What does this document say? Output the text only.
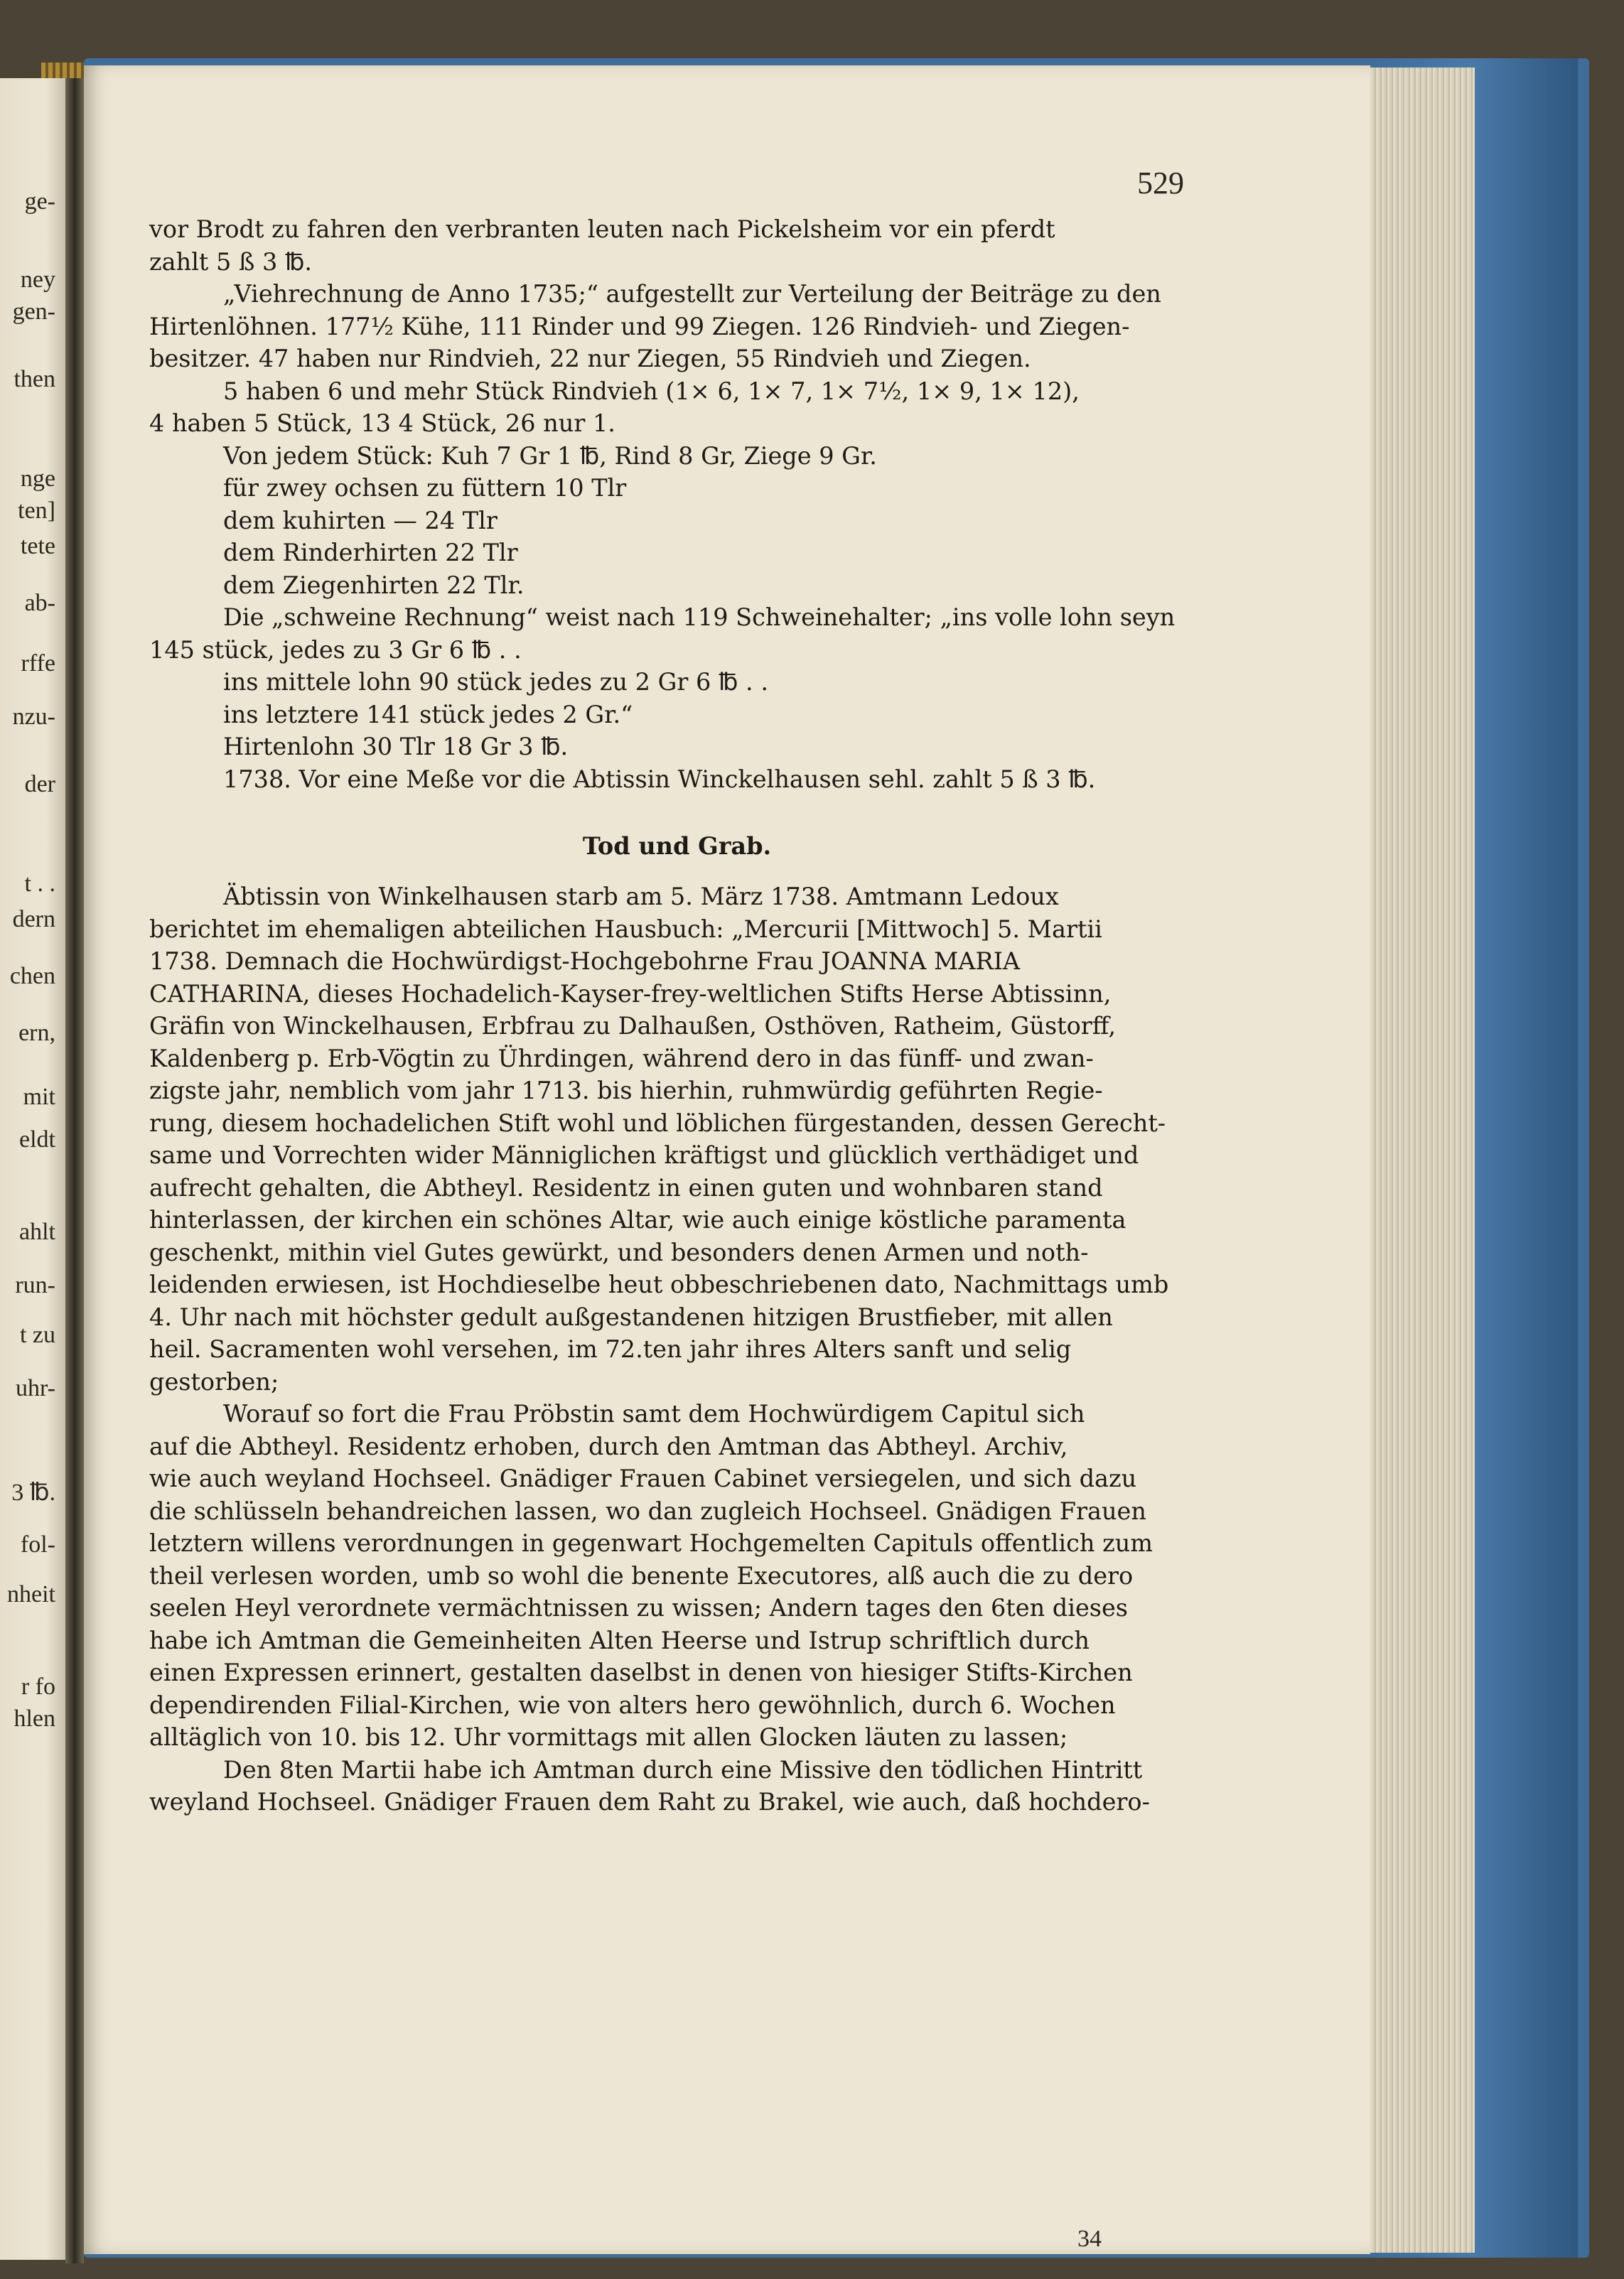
ge-
ney
gen-
then
nge
ten]
tete
ab-
rffe
nzu-
der
t . .
dern
chen
ern,
mit
eldt
ahlt
run-
t zu
uhr-
3 ℔.
fol-
nheit
r fo
hlen
529
vor Brodt zu fahren den verbranten leuten nach Pickelsheim vor ein pferdt
zahlt 5 ß 3 ℔.
„Viehrechnung de Anno 1735;“ aufgestellt zur Verteilung der Beiträge zu den
Hirtenlöhnen. 177½ Kühe, 111 Rinder und 99 Ziegen. 126 Rindvieh- und Ziegen-
besitzer. 47 haben nur Rindvieh, 22 nur Ziegen, 55 Rindvieh und Ziegen.
5 haben 6 und mehr Stück Rindvieh (1× 6, 1× 7, 1× 7½, 1× 9, 1× 12),
4 haben 5 Stück, 13 4 Stück, 26 nur 1.
Von jedem Stück: Kuh 7 Gr 1 ℔, Rind 8 Gr, Ziege 9 Gr.
für zwey ochsen zu füttern 10 Tlr
dem kuhirten — 24 Tlr
dem Rinderhirten 22 Tlr
dem Ziegenhirten 22 Tlr.
Die „schweine Rechnung“ weist nach 119 Schweinehalter; „ins volle lohn seyn
145 stück, jedes zu 3 Gr 6 ℔ . .
ins mittele lohn 90 stück jedes zu 2 Gr 6 ℔ . .
ins letztere 141 stück jedes 2 Gr.“
Hirtenlohn 30 Tlr 18 Gr 3 ℔.
1738. Vor eine Meße vor die Abtissin Winckelhausen sehl. zahlt 5 ß 3 ℔.
Tod und Grab.
Äbtissin von Winkelhausen starb am 5. März 1738. Amtmann Ledoux
berichtet im ehemaligen abteilichen Hausbuch: „Mercurii [Mittwoch] 5. Martii
1738. Demnach die Hochwürdigst-Hochgebohrne Frau JOANNA MARIA
CATHARINA, dieses Hochadelich-Kayser-frey-weltlichen Stifts Herse Abtissinn,
Gräfin von Winckelhausen, Erbfrau zu Dalhaußen, Osthöven, Ratheim, Güstorff,
Kaldenberg p. Erb-Vögtin zu Ührdingen, während dero in das fünff- und zwan-
zigste jahr, nemblich vom jahr 1713. bis hierhin, ruhmwürdig geführten Regie-
rung, diesem hochadelichen Stift wohl und löblichen fürgestanden, dessen Gerecht-
same und Vorrechten wider Männiglichen kräftigst und glücklich verthädiget und
aufrecht gehalten, die Abtheyl. Residentz in einen guten und wohnbaren stand
hinterlassen, der kirchen ein schönes Altar, wie auch einige köstliche paramenta
geschenkt, mithin viel Gutes gewürkt, und besonders denen Armen und noth-
leidenden erwiesen, ist Hochdieselbe heut obbeschriebenen dato, Nachmittags umb
4. Uhr nach mit höchster gedult außgestandenen hitzigen Brustfieber, mit allen
heil. Sacramenten wohl versehen, im 72.ten jahr ihres Alters sanft und selig
gestorben;
Worauf so fort die Frau Pröbstin samt dem Hochwürdigem Capitul sich
auf die Abtheyl. Residentz erhoben, durch den Amtman das Abtheyl. Archiv,
wie auch weyland Hochseel. Gnädiger Frauen Cabinet versiegelen, und sich dazu
die schlüsseln behandreichen lassen, wo dan zugleich Hochseel. Gnädigen Frauen
letztern willens verordnungen in gegenwart Hochgemelten Capituls offentlich zum
theil verlesen worden, umb so wohl die benente Executores, alß auch die zu dero
seelen Heyl verordnete vermächtnissen zu wissen; Andern tages den 6ten dieses
habe ich Amtman die Gemeinheiten Alten Heerse und Istrup schriftlich durch
einen Expressen erinnert, gestalten daselbst in denen von hiesiger Stifts-Kirchen
dependirenden Filial-Kirchen, wie von alters hero gewöhnlich, durch 6. Wochen
alltäglich von 10. bis 12. Uhr vormittags mit allen Glocken läuten zu lassen;
Den 8ten Martii habe ich Amtman durch eine Missive den tödlichen Hintritt
weyland Hochseel. Gnädiger Frauen dem Raht zu Brakel, wie auch, daß hochdero-
34
